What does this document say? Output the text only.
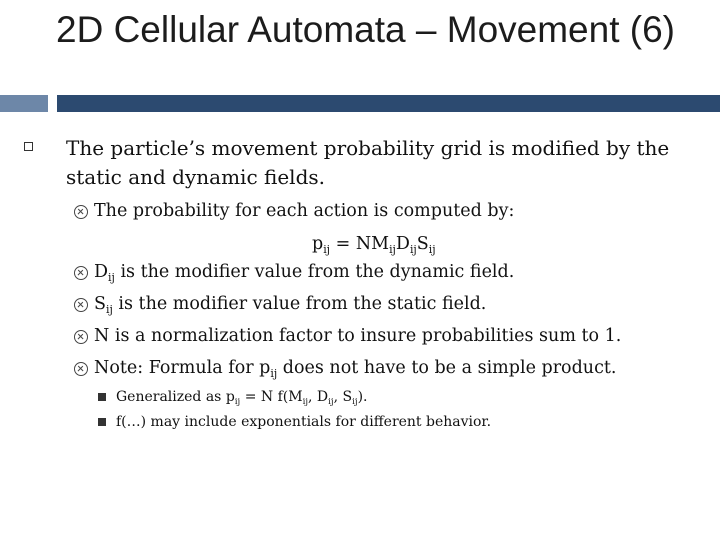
2D Cellular Automata – Movement (6)
The particle’s movement probability grid is modified by the static and dynamic fields.
The probability for each action is computed by:
$p_{ij} = NM_{ij}D_{ij}S_{ij}$
$D_{ij}$ is the modifier value from the dynamic field.
$S_{ij}$ is the modifier value from the static field.
N is a normalization factor to insure probabilities sum to 1.
Note: Formula for $p_{ij}$ does not have to be a simple product.
Generalized as $p_{ij} = N$ $f(M_{ij}$, $D_{ij}$, $S_{ij}$).
f(…) may include exponentials for different behavior.
